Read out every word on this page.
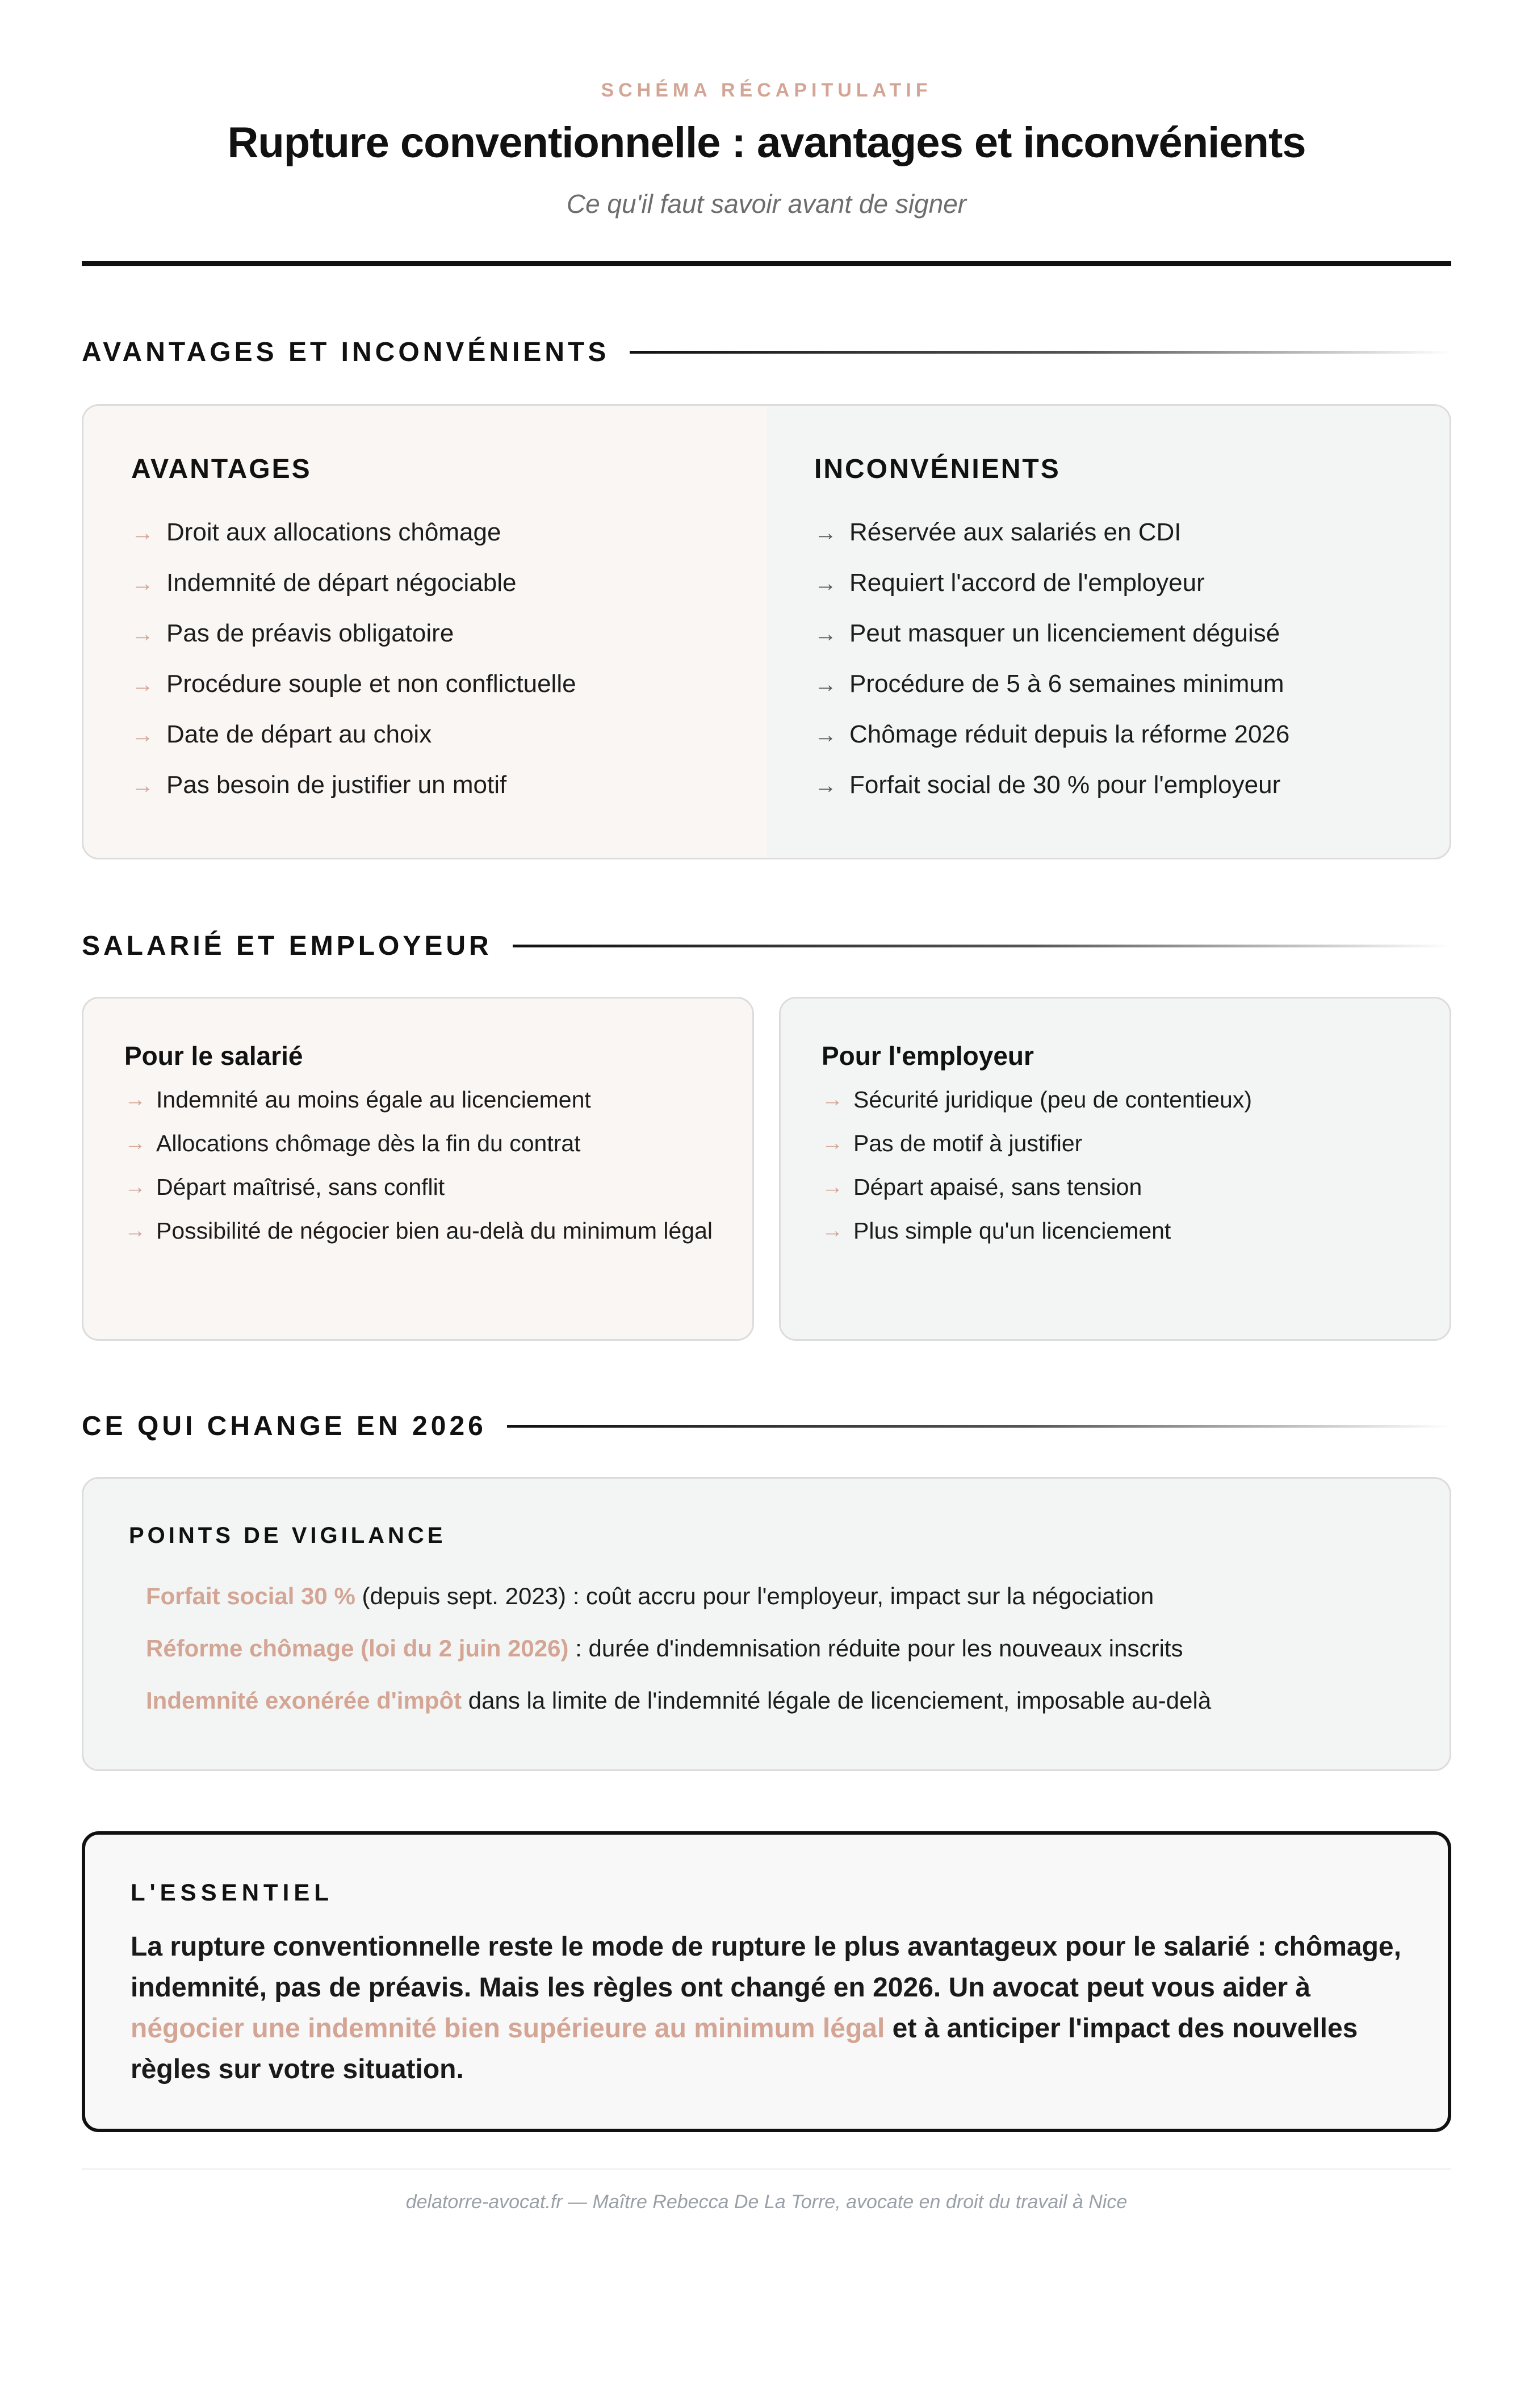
SCHÉMA RÉCAPITULATIF
Rupture conventionnelle : avantages et inconvénients
Ce qu'il faut savoir avant de signer
AVANTAGES ET INCONVÉNIENTS
AVANTAGES
→ Droit aux allocations chômage
→ Indemnité de départ négociable
→ Pas de préavis obligatoire
→ Procédure souple et non conflictuelle
→ Date de départ au choix
→ Pas besoin de justifier un motif
INCONVÉNIENTS
→ Réservée aux salariés en CDI
→ Requiert l'accord de l'employeur
→ Peut masquer un licenciement déguisé
→ Procédure de 5 à 6 semaines minimum
→ Chômage réduit depuis la réforme 2026
→ Forfait social de 30 % pour l'employeur
SALARIÉ ET EMPLOYEUR
Pour le salarié
→ Indemnité au moins égale au licenciement
→ Allocations chômage dès la fin du contrat
→ Départ maîtrisé, sans conflit
→ Possibilité de négocier bien au-delà du minimum légal
Pour l'employeur
→ Sécurité juridique (peu de contentieux)
→ Pas de motif à justifier
→ Départ apaisé, sans tension
→ Plus simple qu'un licenciement
CE QUI CHANGE EN 2026
POINTS DE VIGILANCE
Forfait social 30 % (depuis sept. 2023) : coût accru pour l'employeur, impact sur la négociation
Réforme chômage (loi du 2 juin 2026) : durée d'indemnisation réduite pour les nouveaux inscrits
Indemnité exonérée d'impôt dans la limite de l'indemnité légale de licenciement, imposable au-delà
L'ESSENTIEL

La rupture conventionnelle reste le mode de rupture le plus avantageux pour le salarié : chômage, indemnité, pas de préavis. Mais les règles ont changé en 2026. Un avocat peut vous aider à négocier une indemnité bien supérieure au minimum légal et à anticiper l'impact des nouvelles règles sur votre situation.

delatorre-avocat.fr — Maître Rebecca De La Torre, avocate en droit du travail à Nice
